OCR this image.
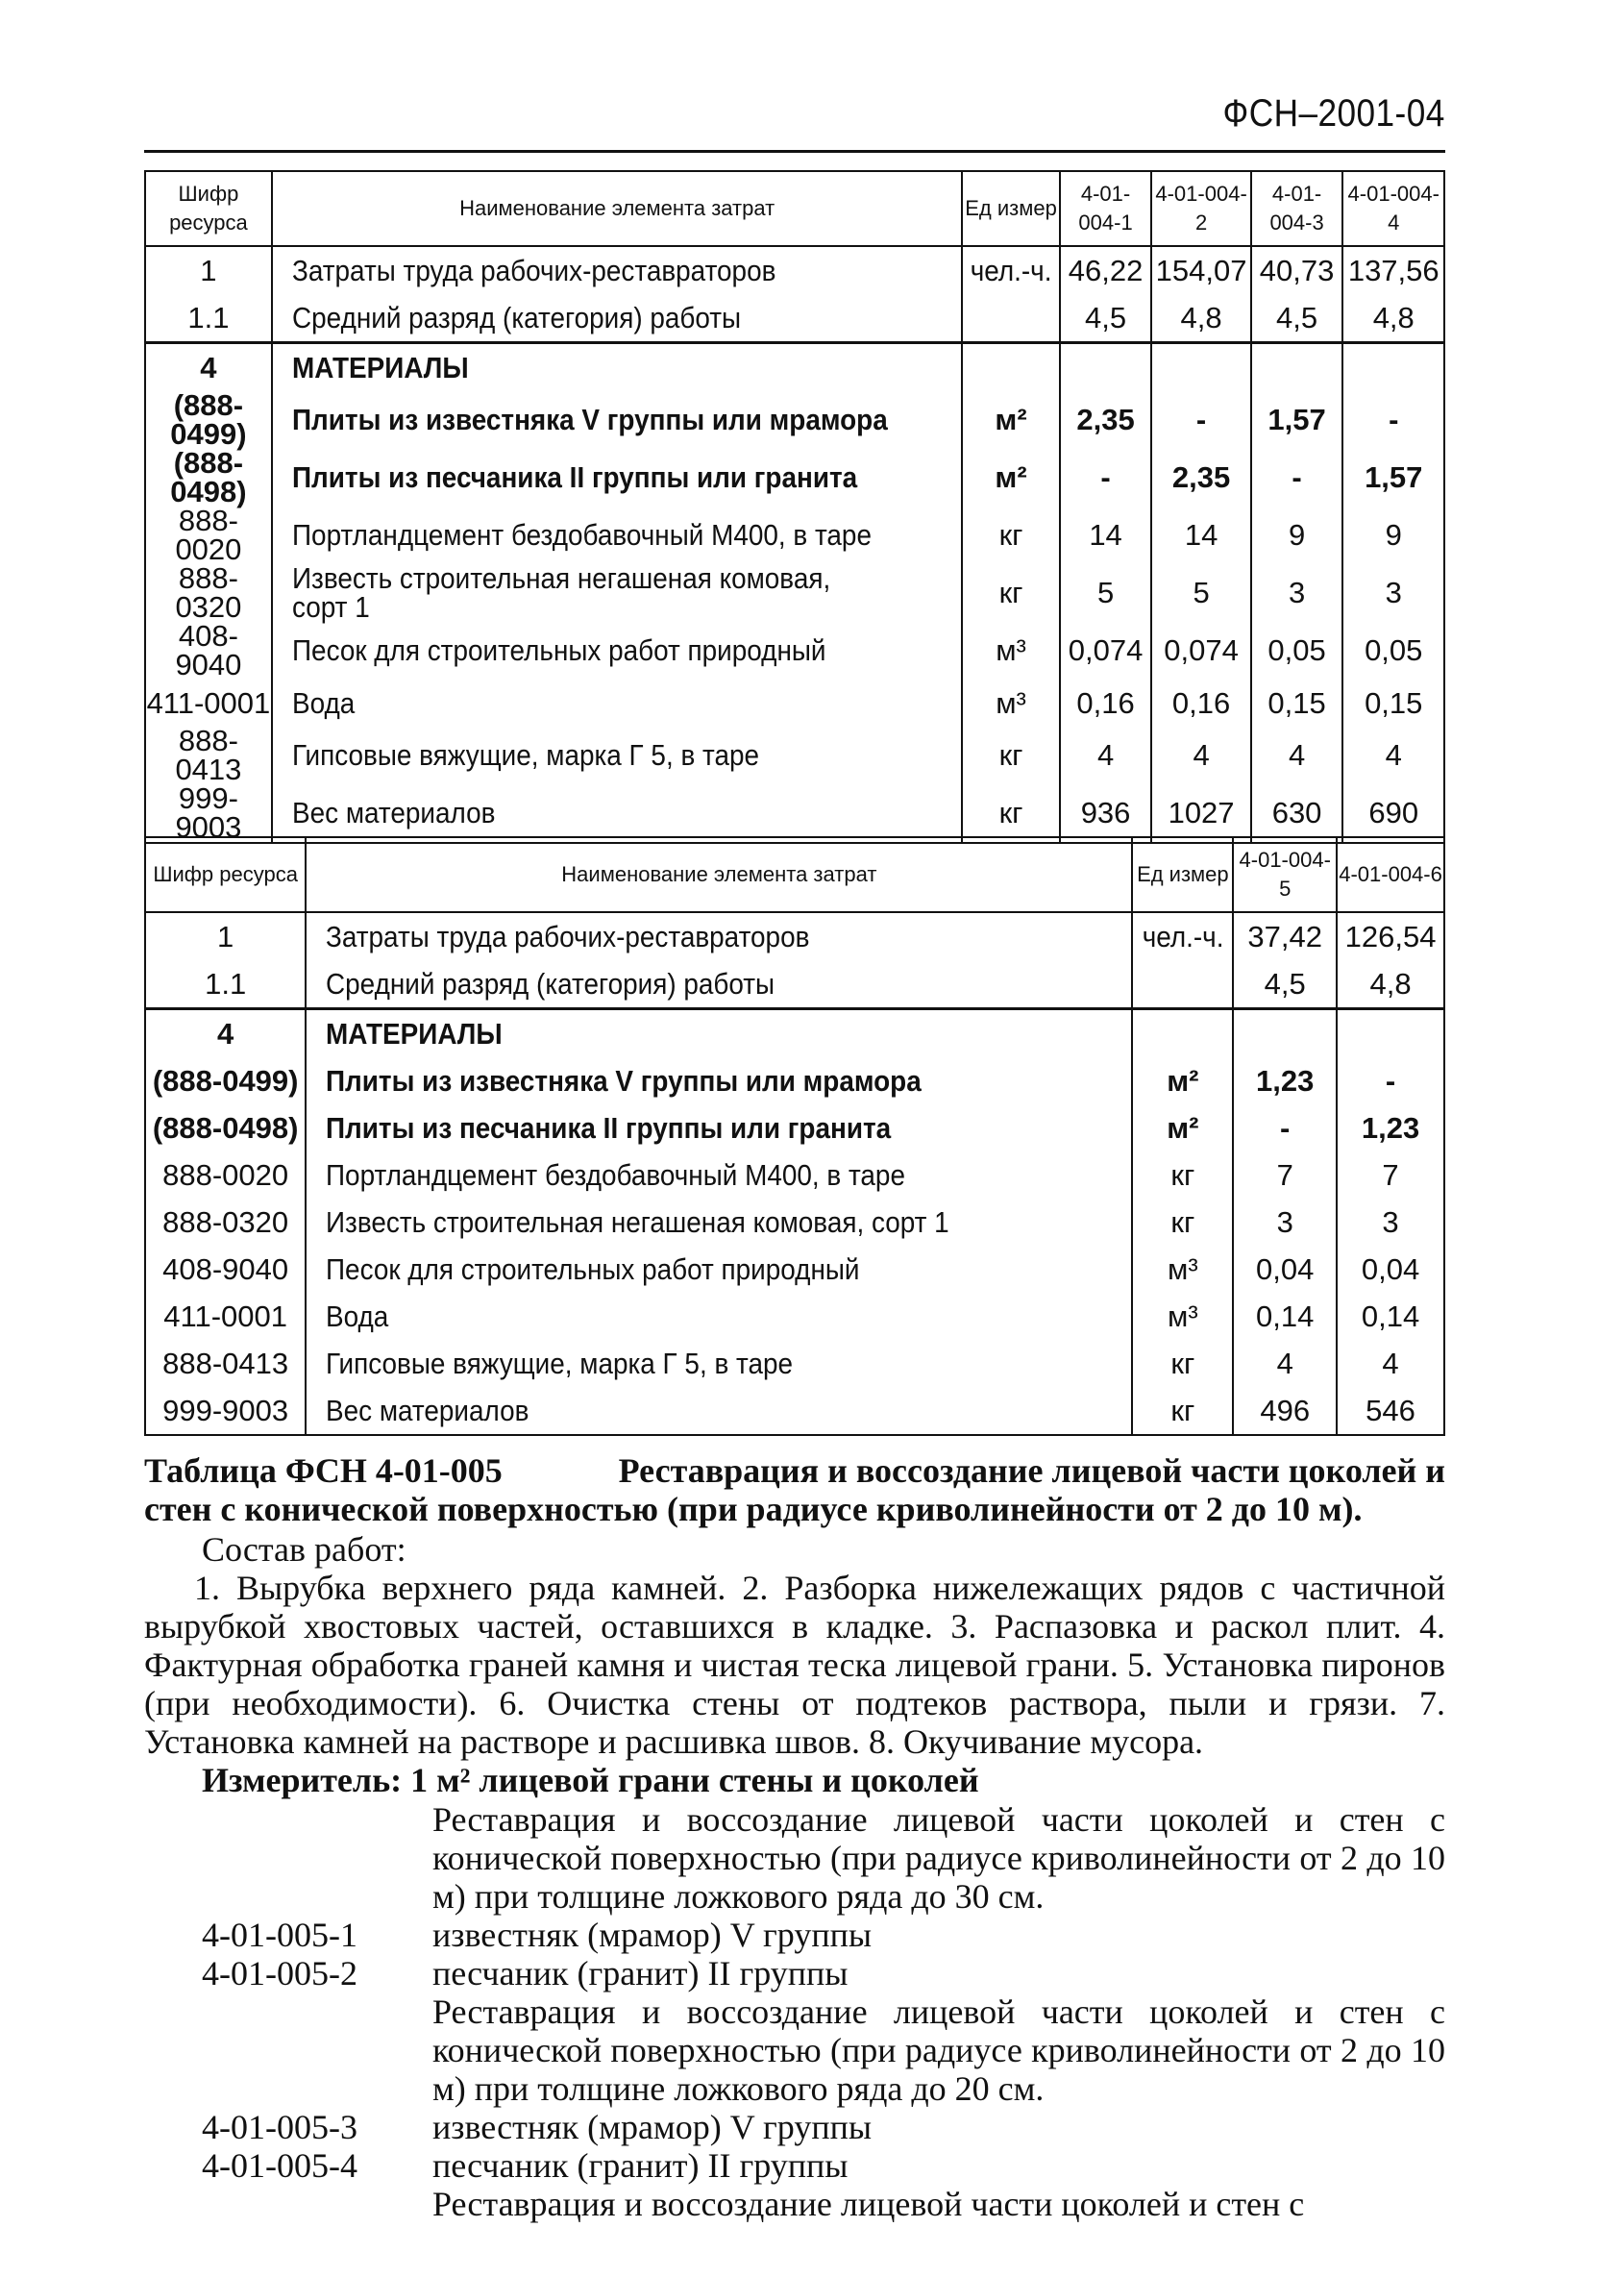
ФСН–2001-04
Шифр ресурса	Наименование элемента затрат	Ед измер	4-01-004-1	4-01-004-2	4-01-004-3	4-01-004-4
1	Затраты труда рабочих-реставраторов	чел.-ч.	46,22	154,07	40,73	137,56
1.1	Средний разряд (категория) работы		4,5	4,8	4,5	4,8
4	МАТЕРИАЛЫ					
(888-0499)	Плиты из известняка V группы или мрамора	м²	2,35	-	1,57	-
(888-0498)	Плиты из песчаника II группы или гранита	м²	-	2,35	-	1,57
888-0020	Портландцемент бездобавочный М400, в таре	кг	14	14	9	9
888-0320	Известь строительная негашеная комовая, сорт 1	кг	5	5	3	3
408-9040	Песок для строительных работ природный	м³	0,074	0,074	0,05	0,05
411-0001	Вода	м³	0,16	0,16	0,15	0,15
888-0413	Гипсовые вяжущие, марка Г 5, в таре	кг	4	4	4	4
999-9003	Вес материалов	кг	936	1027	630	690
Шифр ресурса	Наименование элемента затрат	Ед измер	4-01-004-5	4-01-004-6
1	Затраты труда рабочих-реставраторов	чел.-ч.	37,42	126,54
1.1	Средний разряд (категория) работы		4,5	4,8
4	МАТЕРИАЛЫ			
(888-0499)	Плиты из известняка V группы или мрамора	м²	1,23	-
(888-0498)	Плиты из песчаника II группы или гранита	м²	-	1,23
888-0020	Портландцемент бездобавочный М400, в таре	кг	7	7
888-0320	Известь строительная негашеная комовая, сорт 1	кг	3	3
408-9040	Песок для строительных работ природный	м³	0,04	0,04
411-0001	Вода	м³	0,14	0,14
888-0413	Гипсовые вяжущие, марка Г 5, в таре	кг	4	4
999-9003	Вес материалов	кг	496	546
Таблица ФСН 4-01-005	Реставрация и воссоздание лицевой части цоколей и
стен с конической поверхностью (при радиусе криволинейности от 2 до 10 м).
Состав работ:

1. Вырубка верхнего ряда камней. 2. Разборка нижележащих рядов с частичной вырубкой хвостовых частей, оставшихся в кладке. 3. Распазовка и раскол плит. 4. Фактурная обработка граней камня и чистая теска лицевой грани. 5. Установка пиронов (при необходимости). 6. Очистка стены от подтеков раствора, пыли и грязи. 7. Установка камней на растворе и расшивка швов. 8. Окучивание мусора.

Измеритель: 1 м² лицевой грани стены и цоколей
Реставрация и воссоздание лицевой части цоколей и стен с конической поверхностью (при радиусе криволинейности от 2 до 10 м) при толщине ложкового ряда до 30 см.
4-01-005-1	известняк (мрамор) V группы
4-01-005-2	песчаник (гранит) II группы
Реставрация и воссоздание лицевой части цоколей и стен с конической поверхностью (при радиусе криволинейности от 2 до 10 м) при толщине ложкового ряда до 20 см.
4-01-005-3	известняк (мрамор) V группы
4-01-005-4	песчаник (гранит) II группы
Реставрация и воссоздание лицевой части цоколей и стен с
